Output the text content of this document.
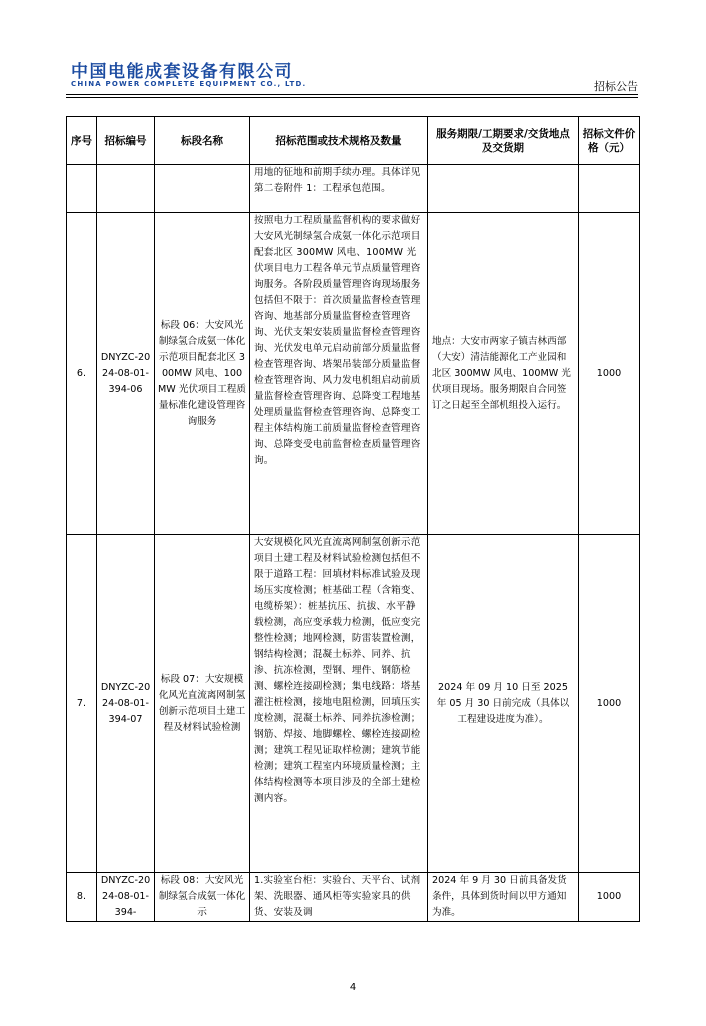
中国电能成套设备有限公司
CHINA POWER COMPLETE EQUIPMENT CO., LTD.	招标公告
序号	招标编号	标段名称	招标范围或技术规格及数量	服务期限/工期要求/交货地点及交货期	招标文件价格（元）
			用地的征地和前期手续办理。具体详见第二卷附件 1：工程承包范围。		
6.	DNYZC-2024-08-01-394-06	标段 06：大安风光制绿氢合成氨一体化示范项目配套北区 300MW 风电、100MW 光伏项目工程质量标准化建设管理咨询服务	按照电力工程质量监督机构的要求做好大安风光制绿氢合成氨一体化示范项目配套北区 300MW 风电、100MW 光伏项目电力工程各单元节点质量管理咨询服务。各阶段质量管理咨询现场服务包括但不限于：首次质量监督检查管理咨询、地基部分质量监督检查管理咨询、光伏支架安装质量监督检查管理咨询、光伏发电单元启动前部分质量监督检查管理咨询、塔架吊装部分质量监督检查管理咨询、风力发电机组启动前质量监督检查管理咨询、总降变工程地基处理质量监督检查管理咨询、总降变工程主体结构施工前质量监督检查管理咨询、总降变受电前监督检查质量管理咨询。	地点：大安市两家子镇吉林西部（大安）清洁能源化工产业园和北区 300MW 风电、100MW 光伏项目现场。服务期限自合同签订之日起至全部机组投入运行。	1000
7.	DNYZC-2024-08-01-394-07	标段 07：大安规模化风光直流离网制氢创新示范项目土建工程及材料试验检测	大安规模化风光直流离网制氢创新示范项目土建工程及材料试验检测包括但不限于道路工程：回填材料标准试验及现场压实度检测；桩基础工程（含箱变、电缆桥架）：桩基抗压、抗拔、水平静载检测，高应变承载力检测，低应变完整性检测；地网检测，防雷装置检测，钢结构检测；混凝土标养、同养、抗渗、抗冻检测，型钢、埋件、钢筋检测、螺栓连接副检测；集电线路：塔基灌注桩检测，接地电阻检测，回填压实度检测，混凝土标养、同养抗渗检测；钢筋、焊接、地脚螺栓、螺栓连接副检测；建筑工程见证取样检测；建筑节能检测；建筑工程室内环境质量检测；主体结构检测等本项目涉及的全部土建检测内容。	2024 年 09 月 10 日至 2025 年 05 月 30 日前完成（具体以工程建设进度为准）。	1000
8.	DNYZC-2024-08-01-394-	标段 08：大安风光制绿氢合成氨一体化示	1.实验室台柜：实验台、天平台、试剂架、洗眼器、通风柜等实验家具的供货、安装及调	2024 年 9 月 30 日前具备发货条件，具体到货时间以甲方通知为准。	1000
4
